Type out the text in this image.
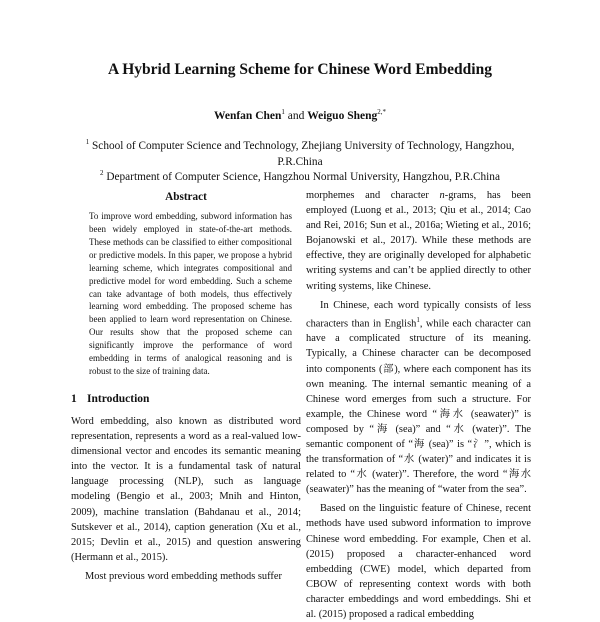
A Hybrid Learning Scheme for Chinese Word Embedding
Wenfan Chen$^1$ and Weiguo Sheng$^{2,*}$
$^1$ School of Computer Science and Technology, Zhejiang University of Technology, Hangzhou, P.R.China
$^2$ Department of Computer Science, Hangzhou Normal University, Hangzhou, P.R.China
Abstract

To improve word embedding, subword information has been widely employed in state-of-the-art methods. These methods can be classified to either compositional or predictive models. In this paper, we propose a hybrid learning scheme, which integrates compositional and predictive model for word embedding. Such a scheme can take advantage of both models, thus effectively learning word embedding. The proposed scheme has been applied to learn word representation on Chinese. Our results show that the proposed scheme can significantly improve the performance of word embedding in terms of analogical reasoning and is robust to the size of training data.

1 Introduction

Word embedding, also known as distributed word representation, represents a word as a real-valued low-dimensional vector and encodes its semantic meaning into the vector. It is a fundamental task of natural language processing (NLP), such as language modeling (Bengio et al., 2003; Mnih and Hinton, 2009), machine translation (Bahdanau et al., 2014; Sutskever et al., 2014), caption generation (Xu et al., 2015; Devlin et al., 2015) and question answering (Hermann et al., 2015).

Most previous word embedding methods suffer

morphemes and character n-grams, has been employed (Luong et al., 2013; Qiu et al., 2014; Cao and Rei, 2016; Sun et al., 2016a; Wieting et al., 2016; Bojanowski et al., 2017). While these methods are effective, they are originally developed for alphabetic writing systems and can’t be applied directly to other writing systems, like Chinese.

In Chinese, each word typically consists of less characters than in English$^1$, while each character can have a complicated structure of its meaning. Typically, a Chinese character can be decomposed into components (部), where each component has its own meaning. The internal semantic meaning of a Chinese word emerges from such a structure. For example, the Chinese word “海水 (seawater)” is composed by “海 (sea)” and “水 (water)”. The semantic component of “海 (sea)” is “氵”, which is the transformation of “水 (water)” and indicates it is related to “水 (water)”. Therefore, the word “海水 (seawater)” has the meaning of “water from the sea”.

Based on the linguistic feature of Chinese, recent methods have used subword information to improve Chinese word embedding. For example, Chen et al. (2015) proposed a character-enhanced word embedding (CWE) model, which departed from CBOW of representing context words with both character embeddings and word embeddings. Shi et al. (2015) proposed a radical embedding
